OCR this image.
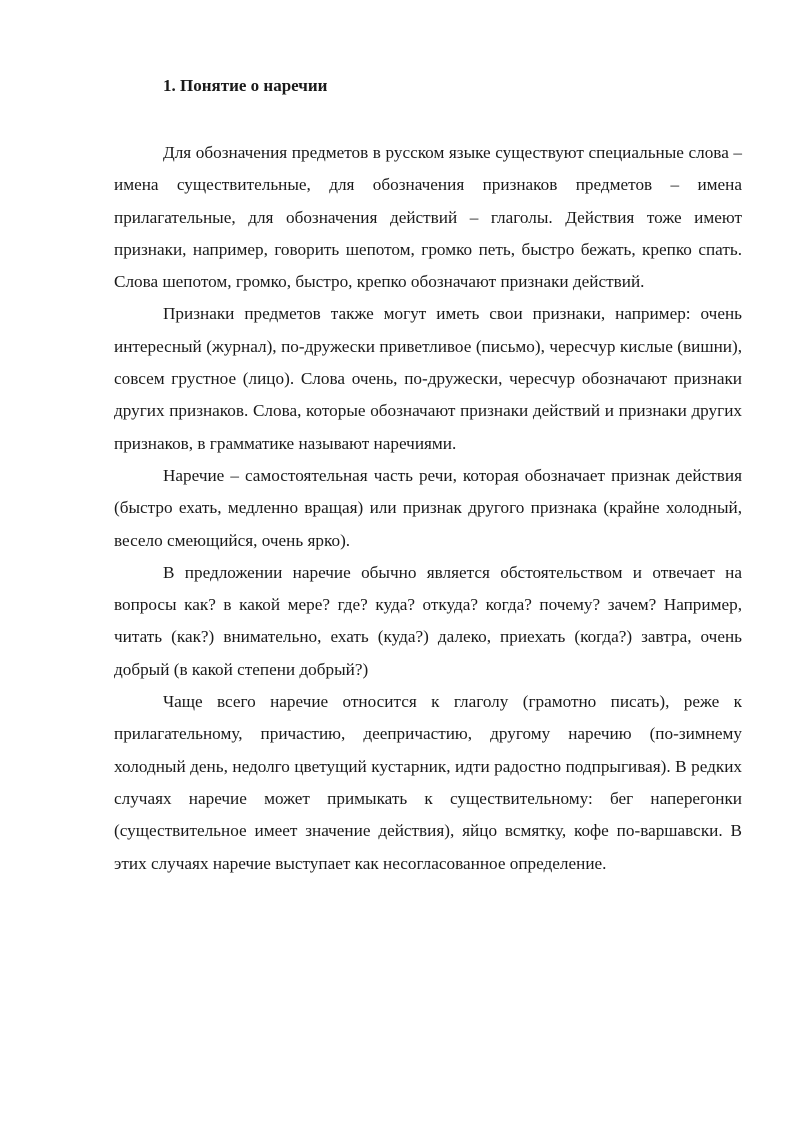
1. Понятие о наречии

Для обозначения предметов в русском языке существуют специальные слова – имена существительные, для обозначения признаков предметов – имена прилагательные, для обозначения действий – глаголы. Действия тоже имеют признаки, например, говорить шепотом, громко петь, быстро бежать, крепко спать. Слова шепотом, громко, быстро, крепко обозначают признаки действий.

Признаки предметов также могут иметь свои признаки, например: очень интересный (журнал), по-дружески приветливое (письмо), чересчур кислые (вишни), совсем грустное (лицо). Слова очень, по-дружески, чересчур обозначают признаки других признаков. Слова, которые обозначают признаки действий и признаки других признаков, в грамматике называют наречиями.

Наречие – самостоятельная часть речи, которая обозначает признак действия (быстро ехать, медленно вращая) или признак другого признака (крайне холодный, весело смеющийся, очень ярко).

В предложении наречие обычно является обстоятельством и отвечает на вопросы как? в какой мере? где? куда? откуда? когда? почему? зачем? Например, читать (как?) внимательно, ехать (куда?) далеко, приехать (когда?) завтра, очень добрый (в какой степени добрый?)

Чаще всего наречие относится к глаголу (грамотно писать), реже к прилагательному, причастию, деепричастию, другому наречию (по-зимнему холодный день, недолго цветущий кустарник, идти радостно подпрыгивая). В редких случаях наречие может примыкать к существительному: бег наперегонки (существительное имеет значение действия), яйцо всмятку, кофе по-варшавски. В этих случаях наречие выступает как несогласованное определение.
